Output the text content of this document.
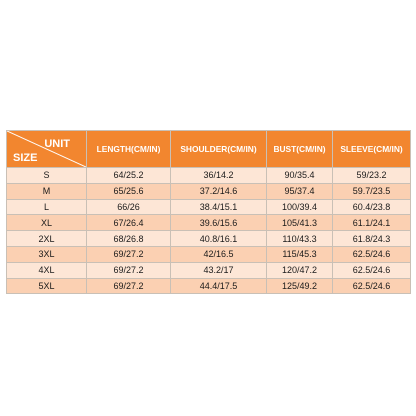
UNIT
SIZE	LENGTH(CM/IN)	SHOULDER(CM/IN)	BUST(CM/IN)	SLEEVE(CM/IN)
S	64/25.2	36/14.2	90/35.4	59/23.2
M	65/25.6	37.2/14.6	95/37.4	59.7/23.5
L	66/26	38.4/15.1	100/39.4	60.4/23.8
XL	67/26.4	39.6/15.6	105/41.3	61.1/24.1
2XL	68/26.8	40.8/16.1	110/43.3	61.8/24.3
3XL	69/27.2	42/16.5	115/45.3	62.5/24.6
4XL	69/27.2	43.2/17	120/47.2	62.5/24.6
5XL	69/27.2	44.4/17.5	125/49.2	62.5/24.6
